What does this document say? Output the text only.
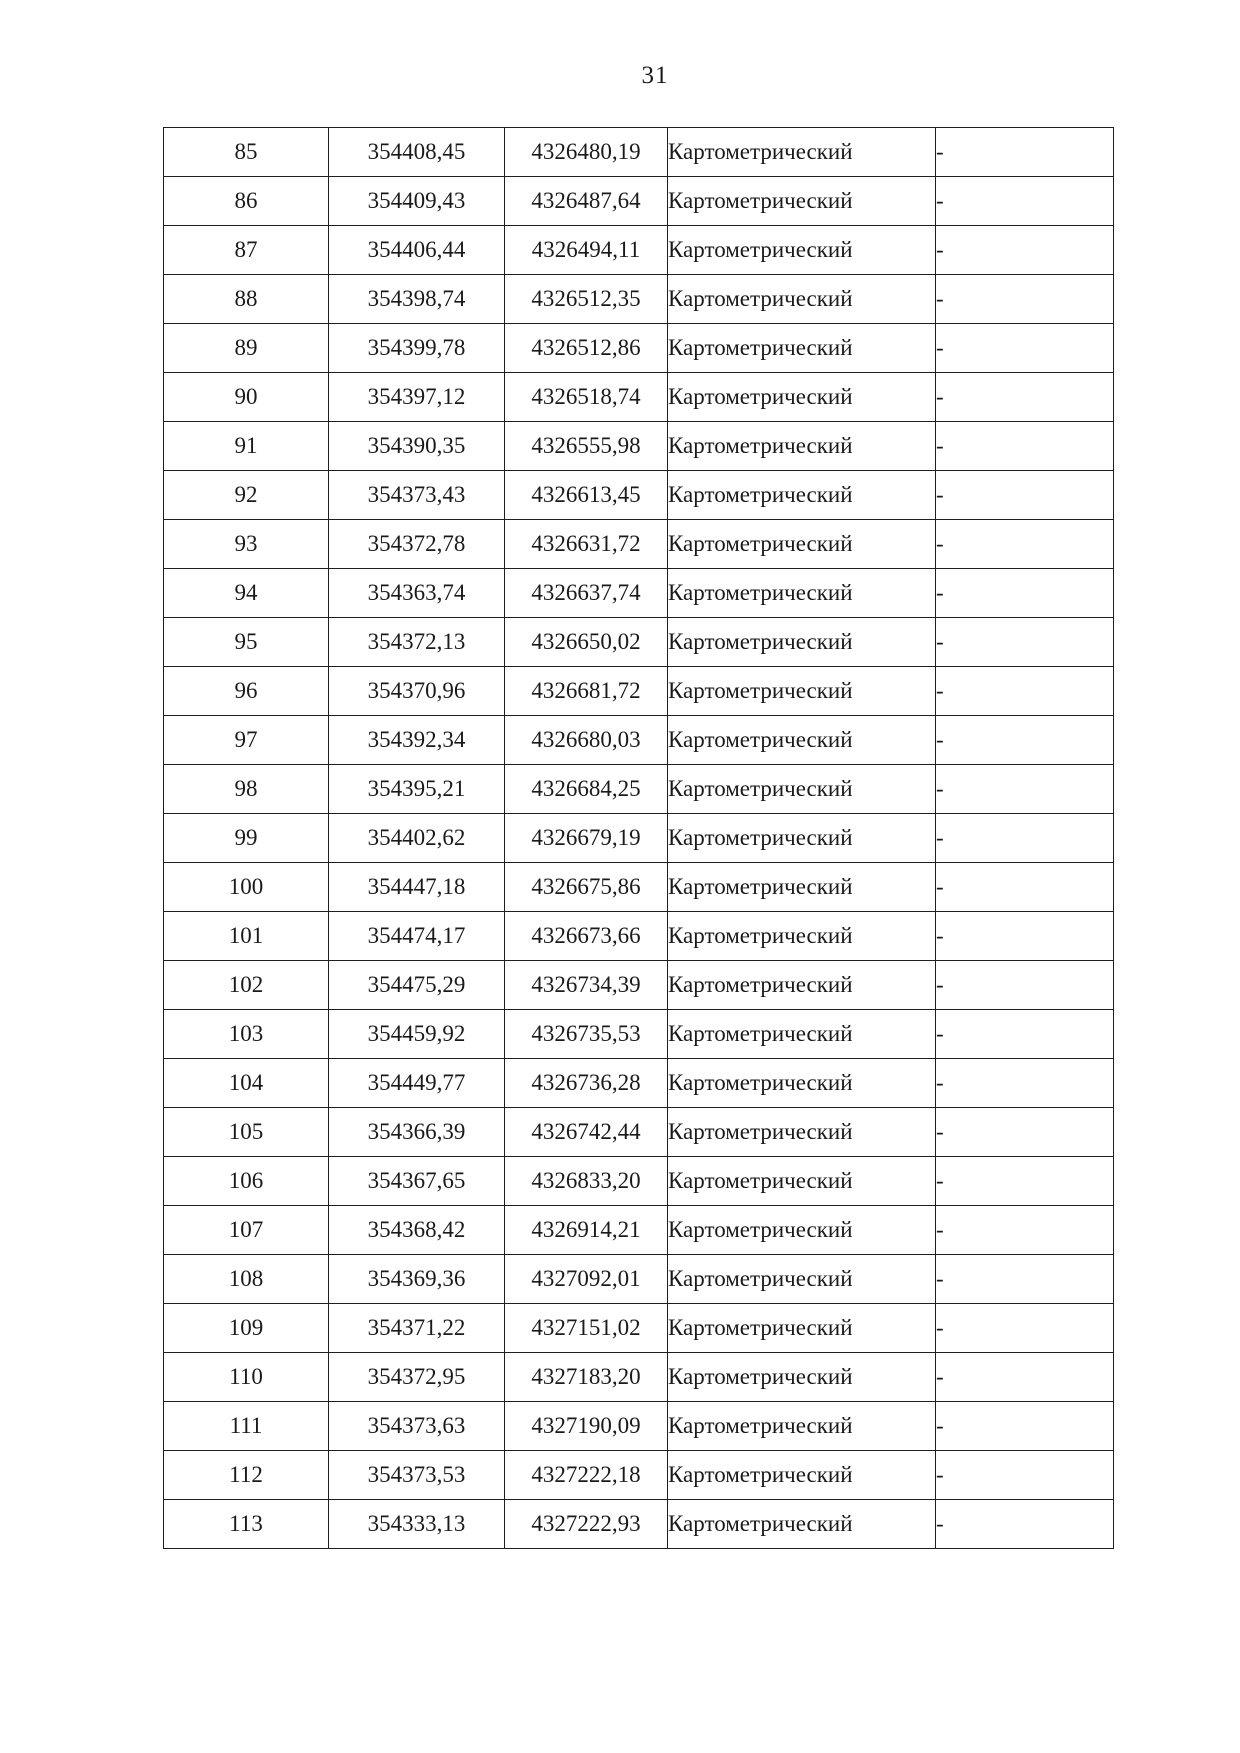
31
85	354408,45	4326480,19	Картометрический	-
86	354409,43	4326487,64	Картометрический	-
87	354406,44	4326494,11	Картометрический	-
88	354398,74	4326512,35	Картометрический	-
89	354399,78	4326512,86	Картометрический	-
90	354397,12	4326518,74	Картометрический	-
91	354390,35	4326555,98	Картометрический	-
92	354373,43	4326613,45	Картометрический	-
93	354372,78	4326631,72	Картометрический	-
94	354363,74	4326637,74	Картометрический	-
95	354372,13	4326650,02	Картометрический	-
96	354370,96	4326681,72	Картометрический	-
97	354392,34	4326680,03	Картометрический	-
98	354395,21	4326684,25	Картометрический	-
99	354402,62	4326679,19	Картометрический	-
100	354447,18	4326675,86	Картометрический	-
101	354474,17	4326673,66	Картометрический	-
102	354475,29	4326734,39	Картометрический	-
103	354459,92	4326735,53	Картометрический	-
104	354449,77	4326736,28	Картометрический	-
105	354366,39	4326742,44	Картометрический	-
106	354367,65	4326833,20	Картометрический	-
107	354368,42	4326914,21	Картометрический	-
108	354369,36	4327092,01	Картометрический	-
109	354371,22	4327151,02	Картометрический	-
110	354372,95	4327183,20	Картометрический	-
111	354373,63	4327190,09	Картометрический	-
112	354373,53	4327222,18	Картометрический	-
113	354333,13	4327222,93	Картометрический	-
